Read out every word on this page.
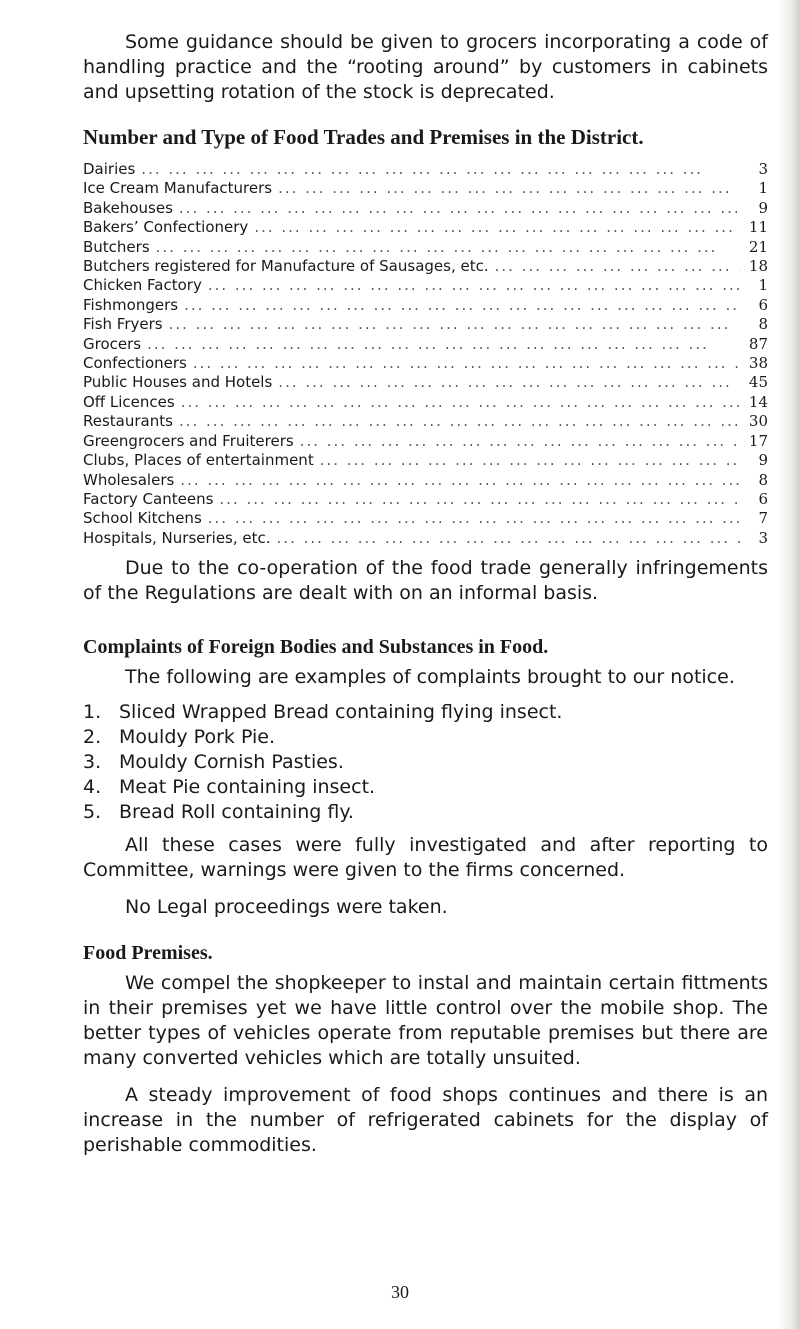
Some guidance should be given to grocers incorporating a code of handling practice and the “rooting around” by customers in cabinets and upsetting rotation of the stock is deprecated.

Number and Type of Food Trades and Premises in the District.
Dairies ... .	3
Ice Cream Manufacturers ... .	1
Bakehouses ... .	9
Bakers’ Confectionery ... .	11
Butchers ... .	21
Butchers registered for Manufacture of Sausages, etc. ... .	18
Chicken Factory ... .	1
Fishmongers ... .	6
Fish Fryers ... .	8
Grocers ... .	87
Confectioners ... .	38
Public Houses and Hotels ... .	45
Off Licences ... .	14
Restaurants ... .	30
Greengrocers and Fruiterers ... .	17
Clubs, Places of entertainment ... .	9
Wholesalers ... .	8
Factory Canteens ... .	6
School Kitchens ... .	7
Hospitals, Nurseries, etc. ... .	3

Due to the co-operation of the food trade generally infringements of the Regulations are dealt with on an informal basis.

Complaints of Foreign Bodies and Substances in Food.

The following are examples of complaints brought to our notice.

1. Sliced Wrapped Bread containing flying insect.
2. Mouldy Pork Pie.
3. Mouldy Cornish Pasties.
4. Meat Pie containing insect.
5. Bread Roll containing fly.

All these cases were fully investigated and after reporting to Committee, warnings were given to the firms concerned.

No Legal proceedings were taken.

Food Premises.

We compel the shopkeeper to instal and maintain certain fittments in their premises yet we have little control over the mobile shop. The better types of vehicles operate from reputable premises but there are many converted vehicles which are totally unsuited.

A steady improvement of food shops continues and there is an increase in the number of refrigerated cabinets for the display of perishable commodities.

30
